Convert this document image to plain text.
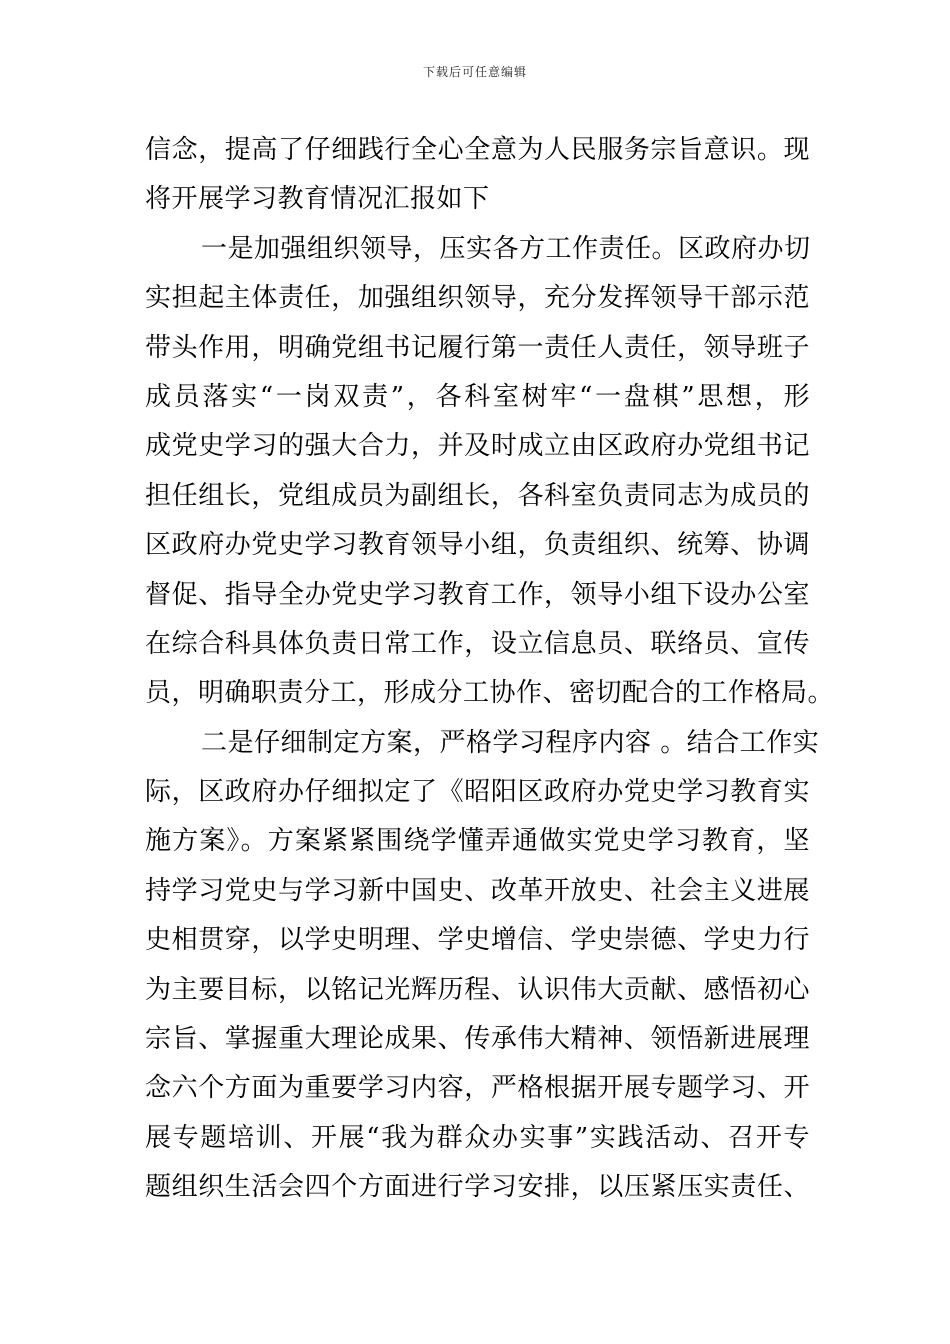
下载后可任意编辑
信念，提高了仔细践行全心全意为人民服务宗旨意识。现
将开展学习教育情况汇报如下
一是加强组织领导，压实各方工作责任。区政府办切
实担起主体责任，加强组织领导，充分发挥领导干部示范
带头作用，明确党组书记履行第一责任人责任，领导班子
成员落实“一岗双责”，各科室树牢“一盘棋”思想，形
成党史学习的强大合力，并及时成立由区政府办党组书记
担任组长，党组成员为副组长，各科室负责同志为成员的
区政府办党史学习教育领导小组，负责组织、统筹、协调
督促、指导全办党史学习教育工作，领导小组下设办公室
在综合科具体负责日常工作，设立信息员、联络员、宣传
员，明确职责分工，形成分工协作、密切配合的工作格局。
二是仔细制定方案，严格学习程序内容 。结合工作实
际，区政府办仔细拟定了《昭阳区政府办党史学习教育实
施方案》。方案紧紧围绕学懂弄通做实党史学习教育，坚
持学习党史与学习新中国史、改革开放史、社会主义进展
史相贯穿，以学史明理、学史增信、学史崇德、学史力行
为主要目标，以铭记光辉历程、认识伟大贡献、感悟初心
宗旨、掌握重大理论成果、传承伟大精神、领悟新进展理
念六个方面为重要学习内容，严格根据开展专题学习、开
展专题培训、开展“我为群众办实事”实践活动、召开专
题组织生活会四个方面进行学习安排，以压紧压实责任、
